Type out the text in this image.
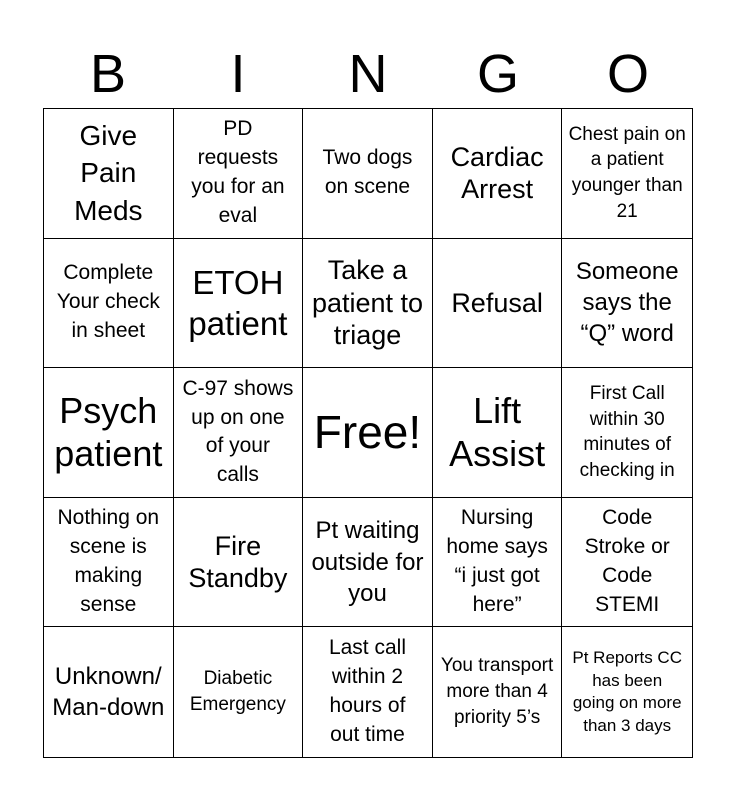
B	I	N	G	O
Give Pain Meds
PD requests you for an eval
Two dogs on scene
Cardiac Arrest
Chest pain on a patient younger than 21
Complete Your check in sheet
ETOH patient
Take a patient to triage
Refusal
Someone says the “Q” word
Psych patient
C-97 shows up on one of your calls
Free!	Lift Assist
First Call within 30 minutes of checking in
Nothing on scene is making sense
Fire Standby
Pt waiting outside for you
Nursing home says “i just got here”
Code Stroke or Code STEMI
Unknown/ Man-down
Diabetic Emergency
Last call within 2 hours of out time
You transport more than 4 priority 5’s
Pt Reports CC has been going on more than 3 days
